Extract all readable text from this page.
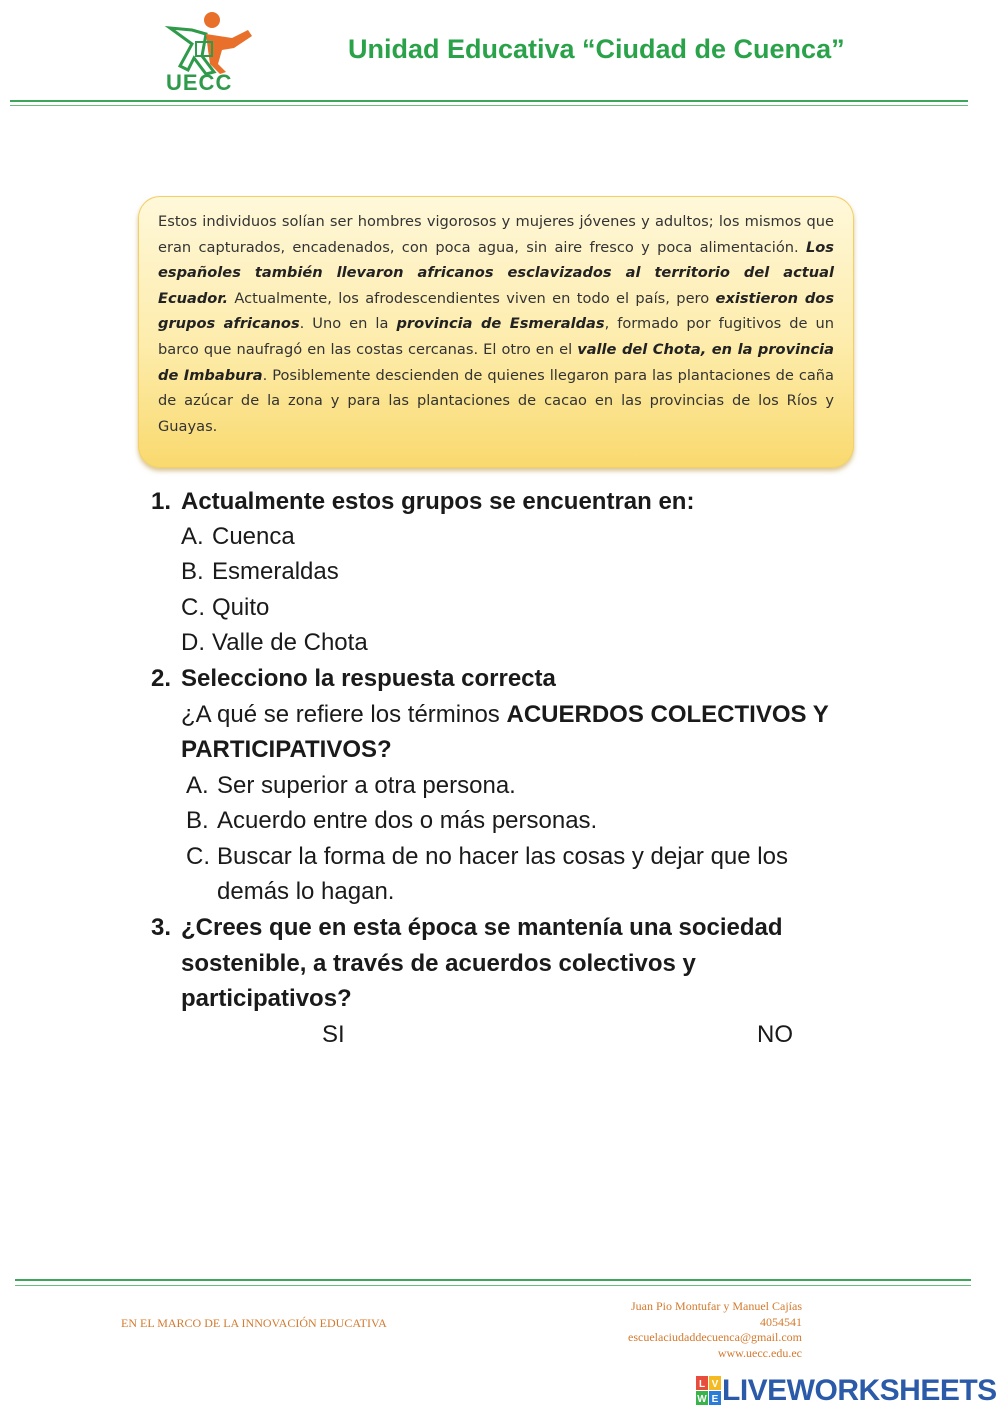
UECC
Unidad Educativa “Ciudad de Cuenca”
Estos individuos solían ser hombres vigorosos y mujeres jóvenes y adultos; los mismos que eran capturados, encadenados, con poca agua, sin aire fresco y poca alimentación. Los españoles también llevaron africanos esclavizados al territorio del actual Ecuador. Actualmente, los afrodescendientes viven en todo el país, pero existieron dos grupos africanos. Uno en la provincia de Esmeraldas, formado por fugitivos de un barco que naufragó en las costas cercanas. El otro en el valle del Chota, en la provincia de Imbabura. Posiblemente descienden de quienes llegaron para las plantaciones de caña de azúcar de la zona y para las plantaciones de cacao en las provincias de los Ríos y Guayas.
1. Actualmente estos grupos se encuentran en:
A. Cuenca
B. Esmeraldas
C. Quito
D. Valle de Chota
2. Selecciono la respuesta correcta
¿A qué se refiere los términos ACUERDOS COLECTIVOS Y
PARTICIPATIVOS?
A. Ser superior a otra persona.
B. Acuerdo entre dos o más personas.
C. Buscar la forma de no hacer las cosas y dejar que los
demás lo hagan.
3. ¿Crees que en esta época se mantenía una sociedad
sostenible, a través de acuerdos colectivos y
participativos?
SI	NO
EN EL MARCO DE LA INNOVACIÓN EDUCATIVA
Juan Pio Montufar y Manuel Cajías
4054541
escuelaciudaddecuenca@gmail.com
www.uecc.edu.ec
L V
W E LIVEWORKSHEETS
